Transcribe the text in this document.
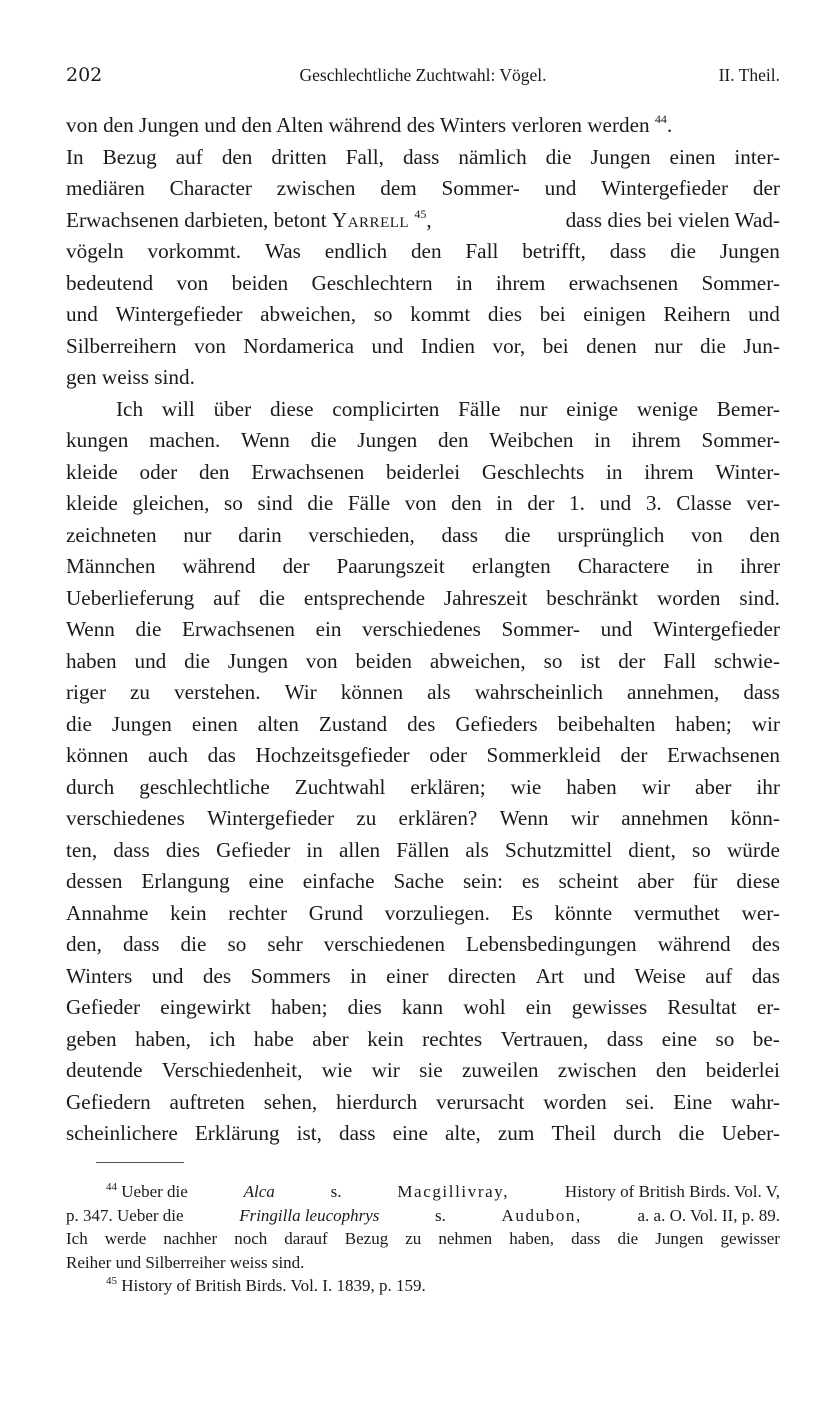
202	Geschlechtliche Zuchtwahl: Vögel.	II. Theil.
von den Jungen und den Alten während des Winters verloren werden $^{44}$.
In Bezug auf den dritten Fall, dass nämlich die Jungen einen inter-
mediären Character zwischen dem Sommer- und Wintergefieder der
Erwachsenen darbieten, betont Yarrell $^{45}$,	dass dies bei vielen Wad-
vögeln vorkommt. Was endlich den Fall betrifft, dass die Jungen
bedeutend von beiden Geschlechtern in ihrem erwachsenen Sommer-
und Wintergefieder abweichen, so kommt dies bei einigen Reihern und
Silberreihern von Nordamerica und Indien vor, bei denen nur die Jun-
gen weiss sind.
Ich will über diese complicirten Fälle nur einige wenige Bemer-
kungen machen. Wenn die Jungen den Weibchen in ihrem Sommer-
kleide oder den Erwachsenen beiderlei Geschlechts in ihrem Winter-
kleide gleichen, so sind die Fälle von den in der 1. und 3. Classe ver-
zeichneten nur darin verschieden, dass die ursprünglich von den
Männchen während der Paarungszeit erlangten Charactere in ihrer
Ueberlieferung auf die entsprechende Jahreszeit beschränkt worden sind.
Wenn die Erwachsenen ein verschiedenes Sommer- und Wintergefieder
haben und die Jungen von beiden abweichen, so ist der Fall schwie-
riger zu verstehen. Wir können als wahrscheinlich annehmen, dass
die Jungen einen alten Zustand des Gefieders beibehalten haben; wir
können auch das Hochzeitsgefieder oder Sommerkleid der Erwachsenen
durch geschlechtliche Zuchtwahl erklären; wie haben wir aber ihr
verschiedenes Wintergefieder zu erklären? Wenn wir annehmen könn-
ten, dass dies Gefieder in allen Fällen als Schutzmittel dient, so würde
dessen Erlangung eine einfache Sache sein: es scheint aber für diese
Annahme kein rechter Grund vorzuliegen. Es könnte vermuthet wer-
den, dass die so sehr verschiedenen Lebensbedingungen während des
Winters und des Sommers in einer directen Art und Weise auf das
Gefieder eingewirkt haben; dies kann wohl ein gewisses Resultat er-
geben haben, ich habe aber kein rechtes Vertrauen, dass eine so be-
deutende Verschiedenheit, wie wir sie zuweilen zwischen den beiderlei
Gefiedern auftreten sehen, hierdurch verursacht worden sei. Eine wahr-
scheinlichere Erklärung ist, dass eine alte, zum Theil durch die Ueber-
$^{44}$ Ueber die	Alca	s.	Macgillivray,	History of British Birds. Vol. V,
p. 347. Ueber die	Fringilla leucophrys	s.	Audubon,	a. a. O. Vol. II, p. 89.
Ich werde nachher noch darauf Bezug zu nehmen haben, dass die Jungen gewisser
Reiher und Silberreiher weiss sind.
$^{45}$ History of British Birds. Vol. I. 1839, p. 159.
